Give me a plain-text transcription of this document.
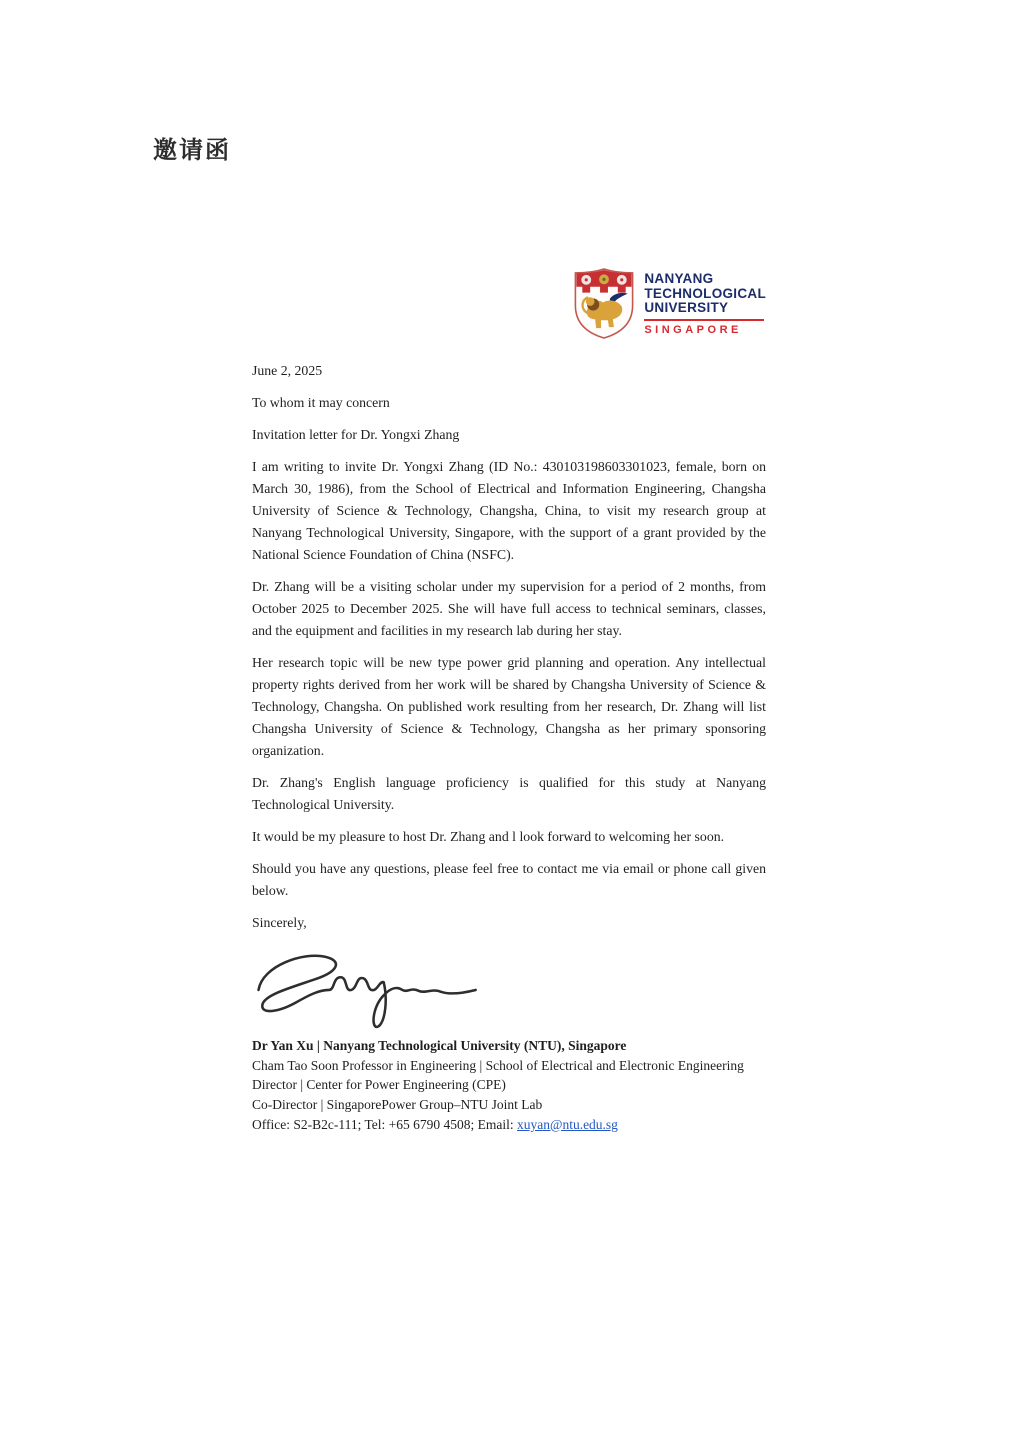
邀请函
NANYANG
TECHNOLOGICAL
UNIVERSITY
SINGAPORE

June 2, 2025

To whom it may concern

Invitation letter for Dr. Yongxi Zhang

I am writing to invite Dr. Yongxi Zhang (ID No.: 430103198603301023, female, born on March 30, 1986), from the School of Electrical and Information Engineering, Changsha University of Science & Technology, Changsha, China, to visit my research group at Nanyang Technological University, Singapore, with the support of a grant provided by the National Science Foundation of China (NSFC).

Dr. Zhang will be a visiting scholar under my supervision for a period of 2 months, from October 2025 to December 2025. She will have full access to technical seminars, classes, and the equipment and facilities in my research lab during her stay.

Her research topic will be new type power grid planning and operation. Any intellectual property rights derived from her work will be shared by Changsha University of Science & Technology, Changsha. On published work resulting from her research, Dr. Zhang will list Changsha University of Science & Technology, Changsha as her primary sponsoring organization.

Dr. Zhang's English language proficiency is qualified for this study at Nanyang Technological University.

It would be my pleasure to host Dr. Zhang and l look forward to welcoming her soon.

Should you have any questions, please feel free to contact me via email or phone call given below.

Sincerely,

Dr Yan Xu | Nanyang Technological University (NTU), Singapore
Cham Tao Soon Professor in Engineering | School of Electrical and Electronic Engineering
Director | Center for Power Engineering (CPE)
Co-Director | SingaporePower Group–NTU Joint Lab
Office: S2-B2c-111; Tel: +65 6790 4508; Email: xuyan@ntu.edu.sg
